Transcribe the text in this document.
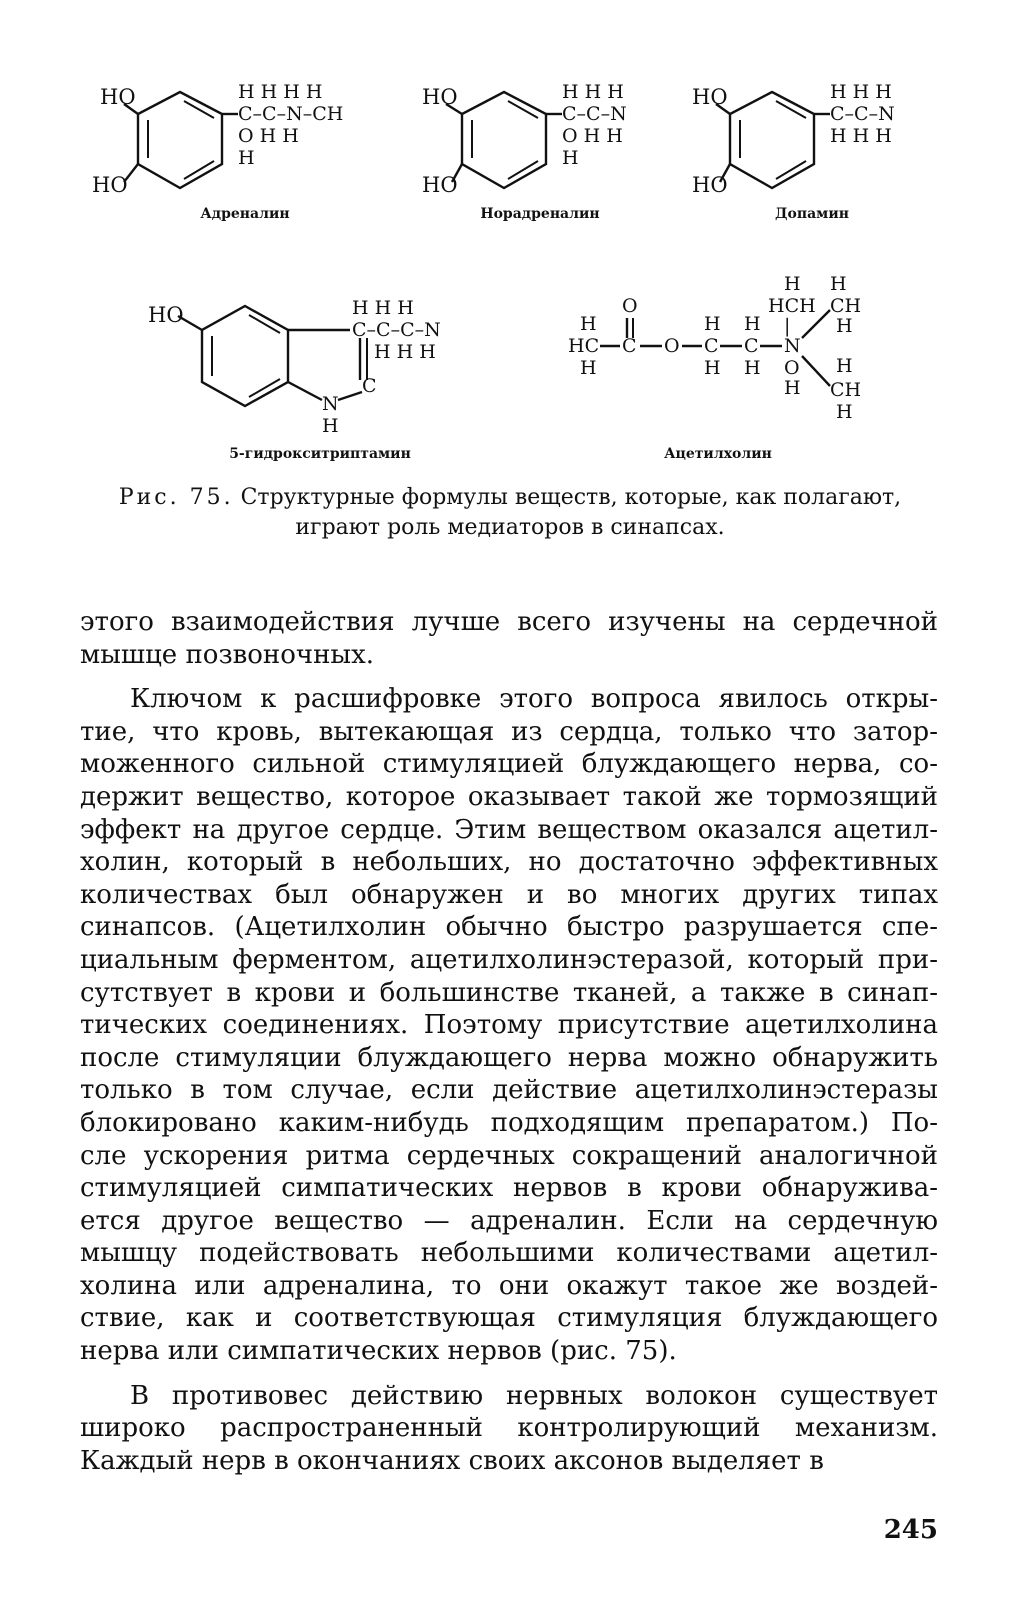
HO
HO
H H H H
C–C–N–CH
O H H
H
Адреналин
HO
HO
H H H
C–C–N
O H H
H
Норадреналин
HO
HO
H H H
C–C–N
H H H
Допамин
HO	H H H
C–C–C–N
H H H
C
N
H
5-гидрокситриптамин
H
HC
H
O
C O
H
C
H
H
C
H
N
H
HCH
|
O
H
H
CH
H
H
CH
H
Ацетилхолин
Рис. 75. Структурные формулы веществ, которые, как полагают, играют роль медиаторов в синапсах.

этого взаимодействия лучше всего изучены на сердечной

мышце позвоночных.

Ключом к расшифровке этого вопроса явилось откры-

тие, что кровь, вытекающая из сердца, только что затор-

моженного сильной стимуляцией блуждающего нерва, со-

держит вещество, которое оказывает такой же тормозящий

эффект на другое сердце. Этим веществом оказался ацетил-

холин, который в небольших, но достаточно эффективных

количествах был обнаружен и во многих других типах

синапсов. (Ацетилхолин обычно быстро разрушается спе-

циальным ферментом, ацетилхолинэстеразой, который при-

сутствует в крови и большинстве тканей, а также в синап-

тических соединениях. Поэтому присутствие ацетилхолина

после стимуляции блуждающего нерва можно обнаружить

только в том случае, если действие ацетилхолинэстеразы

блокировано каким-нибудь подходящим препаратом.) По-

сле ускорения ритма сердечных сокращений аналогичной

стимуляцией симпатических нервов в крови обнаружива-

ется другое вещество — адреналин. Если на сердечную

мышцу подействовать небольшими количествами ацетил-

холина или адреналина, то они окажут такое же воздей-

ствие, как и соответствующая стимуляция блуждающего

нерва или симпатических нервов (рис. 75).

В противовес действию нервных волокон существует

широко распространенный контролирующий механизм.

Каждый нерв в окончаниях своих аксонов выделяет в

245
